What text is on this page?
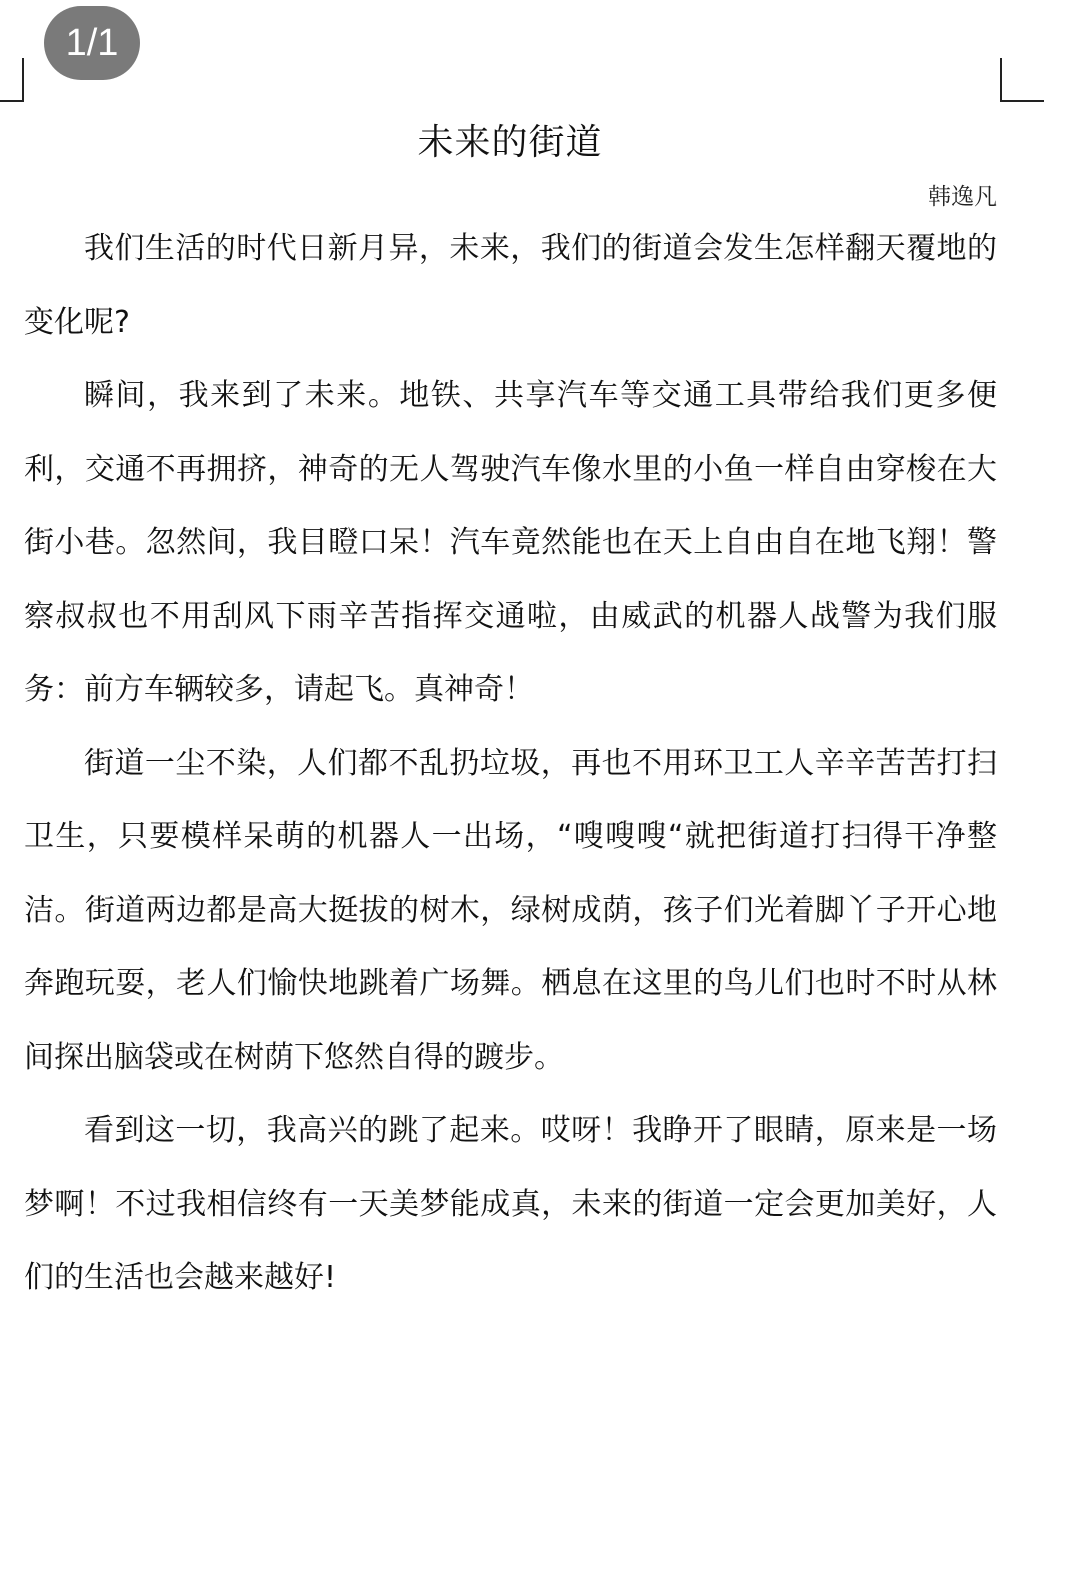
1/1
未来的街道
韩逸凡

我们生活的时代日新月异，未来，我们的街道会发生怎样翻天覆地的变化呢?

瞬间，我来到了未来。地铁、共享汽车等交通工具带给我们更多便利，交通不再拥挤，神奇的无人驾驶汽车像水里的小鱼一样自由穿梭在大街小巷。忽然间，我目瞪口呆！汽车竟然能也在天上自由自在地飞翔！警察叔叔也不用刮风下雨辛苦指挥交通啦，由威武的机器人战警为我们服务：前方车辆较多，请起飞。真神奇！

街道一尘不染，人们都不乱扔垃圾，再也不用环卫工人辛辛苦苦打扫卫生，只要模样呆萌的机器人一出场，“嗖嗖嗖“就把街道打扫得干净整洁。街道两边都是高大挺拔的树木，绿树成荫，孩子们光着脚丫子开心地奔跑玩耍，老人们愉快地跳着广场舞。栖息在这里的鸟儿们也时不时从林间探出脑袋或在树荫下悠然自得的踱步。

看到这一切，我高兴的跳了起来。哎呀！我睁开了眼睛，原来是一场梦啊！不过我相信终有一天美梦能成真，未来的街道一定会更加美好，人们的生活也会越来越好!
